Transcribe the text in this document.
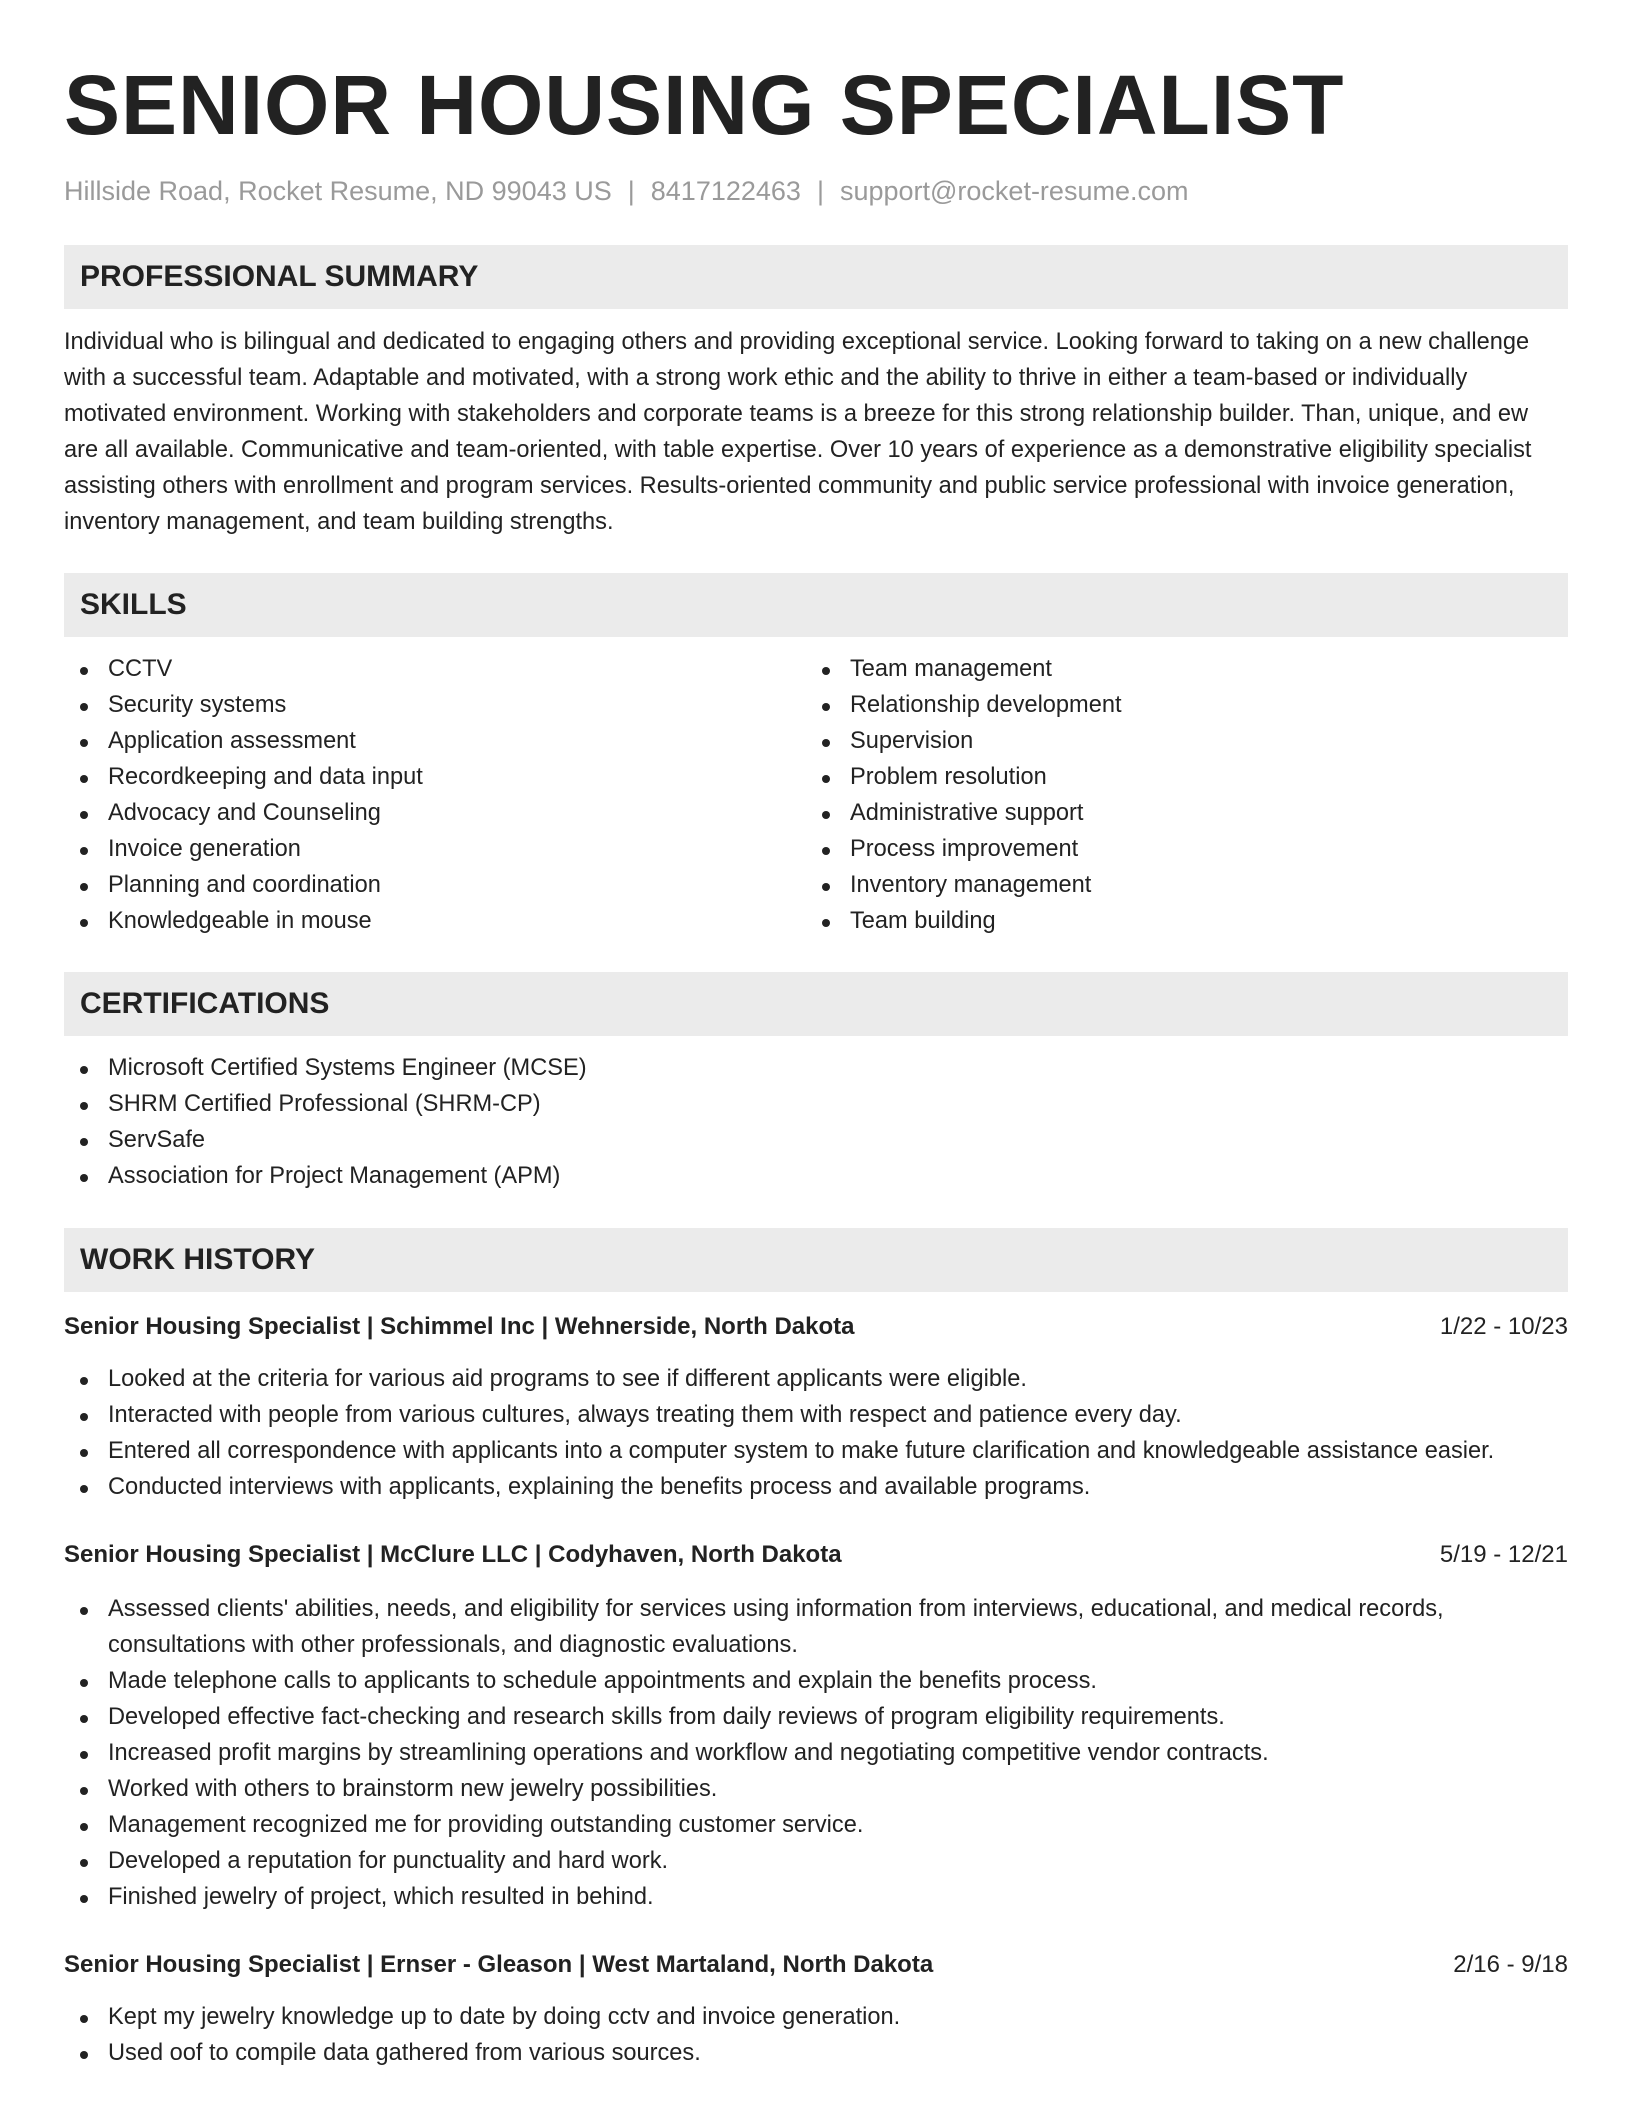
SENIOR HOUSING SPECIALIST
Hillside Road, Rocket Resume, ND 99043 US | 8417122463 | support@rocket-resume.com
PROFESSIONAL SUMMARY

Individual who is bilingual and dedicated to engaging others and providing exceptional service. Looking forward to taking on a new challenge with a successful team. Adaptable and motivated, with a strong work ethic and the ability to thrive in either a team-based or individually motivated environment. Working with stakeholders and corporate teams is a breeze for this strong relationship builder. Than, unique, and ew are all available. Communicative and team-oriented, with table expertise. Over 10 years of experience as a demonstrative eligibility specialist assisting others with enrollment and program services. Results-oriented community and public service professional with invoice generation, inventory management, and team building strengths.

SKILLS
CCTV
Security systems
Application assessment
Recordkeeping and data input
Advocacy and Counseling
Invoice generation
Planning and coordination
Knowledgeable in mouse
Team management
Relationship development
Supervision
Problem resolution
Administrative support
Process improvement
Inventory management
Team building
CERTIFICATIONS
Microsoft Certified Systems Engineer (MCSE)
SHRM Certified Professional (SHRM-CP)
ServSafe
Association for Project Management (APM)
WORK HISTORY
Senior Housing Specialist | Schimmel Inc | Wehnerside, North Dakota	1/22 - 10/23
Looked at the criteria for various aid programs to see if different applicants were eligible.
Interacted with people from various cultures, always treating them with respect and patience every day.
Entered all correspondence with applicants into a computer system to make future clarification and knowledgeable assistance easier.
Conducted interviews with applicants, explaining the benefits process and available programs.
Senior Housing Specialist | McClure LLC | Codyhaven, North Dakota	5/19 - 12/21
Assessed clients' abilities, needs, and eligibility for services using information from interviews, educational, and medical records, consultations with other professionals, and diagnostic evaluations.
Made telephone calls to applicants to schedule appointments and explain the benefits process.
Developed effective fact-checking and research skills from daily reviews of program eligibility requirements.
Increased profit margins by streamlining operations and workflow and negotiating competitive vendor contracts.
Worked with others to brainstorm new jewelry possibilities.
Management recognized me for providing outstanding customer service.
Developed a reputation for punctuality and hard work.
Finished jewelry of project, which resulted in behind.
Senior Housing Specialist | Ernser - Gleason | West Martaland, North Dakota	2/16 - 9/18
Kept my jewelry knowledge up to date by doing cctv and invoice generation.
Used oof to compile data gathered from various sources.
